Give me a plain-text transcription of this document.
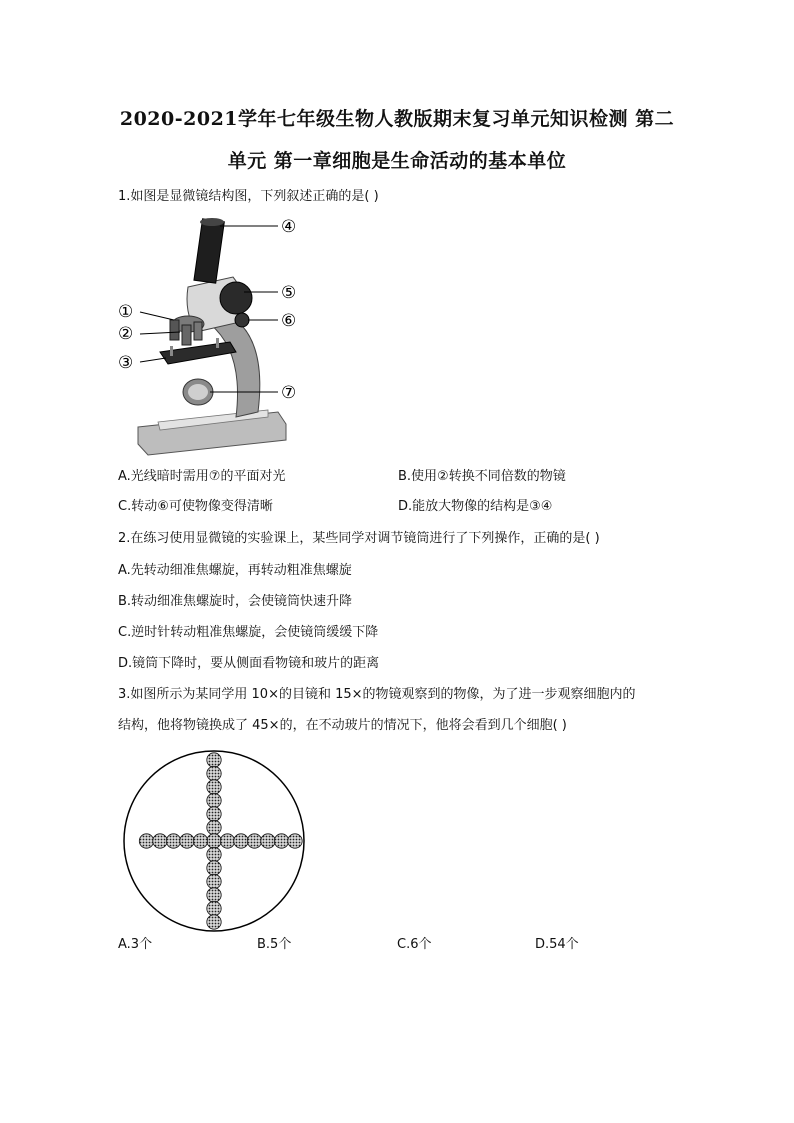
2020-2021学年七年级生物人教版期末复习单元知识检测 第二
单元 第一章细胞是生命活动的基本单位
1.如图是显微镜结构图，下列叙述正确的是( )
①
②
③
④
⑤
⑥
⑦
A.光线暗时需用⑦的平面对光	B.使用②转换不同倍数的物镜
C.转动⑥可使物像变得清晰	D.能放大物像的结构是③④
2.在练习使用显微镜的实验课上，某些同学对调节镜筒进行了下列操作，正确的是( )
A.先转动细准焦螺旋，再转动粗准焦螺旋
B.转动细准焦螺旋时，会使镜筒快速升降
C.逆时针转动粗准焦螺旋，会使镜筒缓缓下降
D.镜筒下降时，要从侧面看物镜和玻片的距离
3.如图所示为某同学用 10×的目镜和 15×的物镜观察到的物像，为了进一步观察细胞内的
结构，他将物镜换成了 45×的，在不动玻片的情况下，他将会看到几个细胞( )
A.3个	B.5个	C.6个	D.54个
